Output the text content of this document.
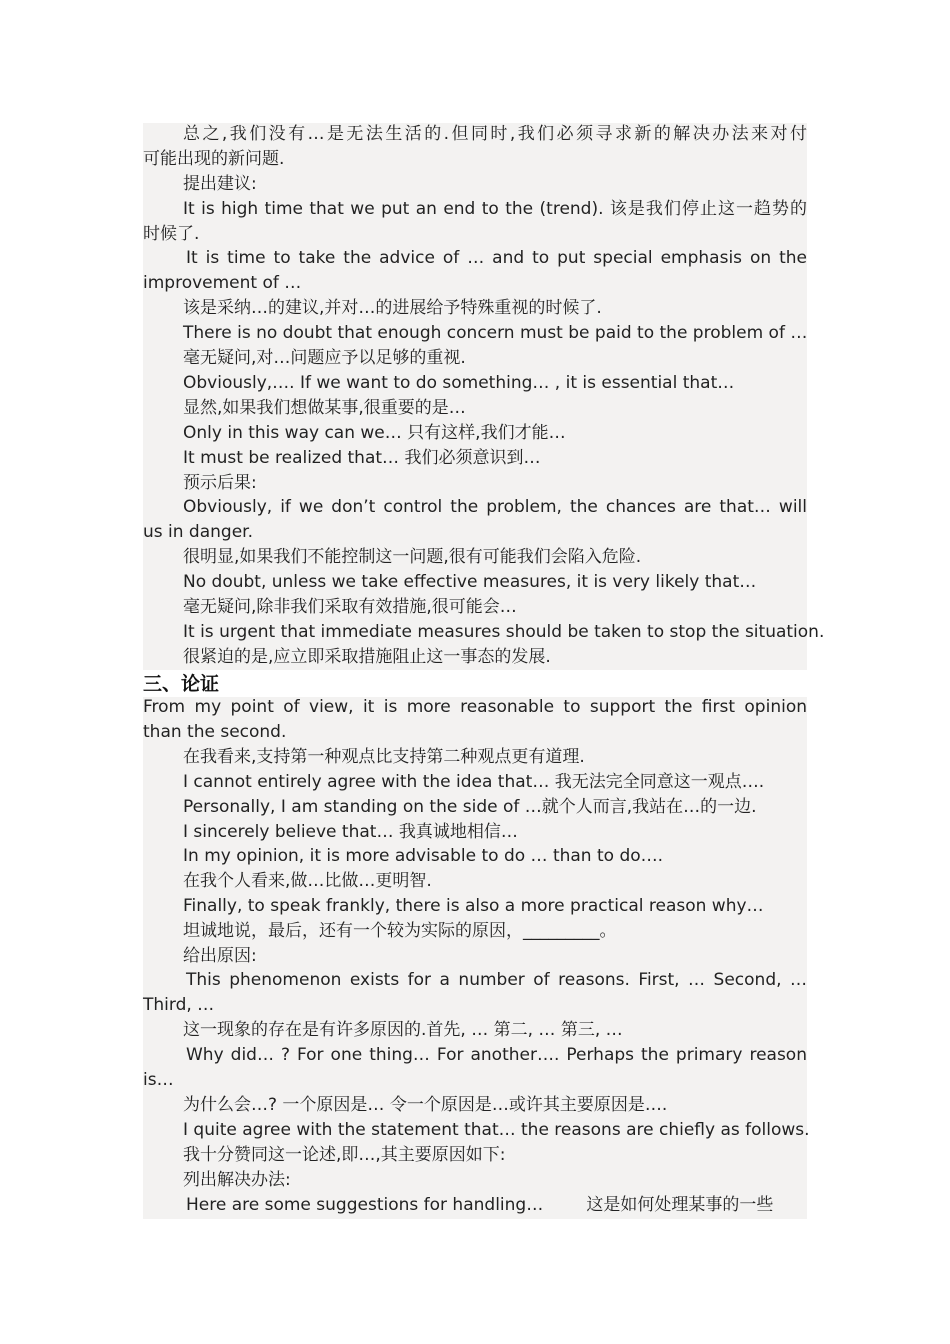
总之,我们没有…是无法生活的.但同时,我们必须寻求新的解决办法来对付
可能出现的新问题.
提出建议:
It is high time that we put an end to the (trend). 该是我们停止这一趋势的
时候了.
It is time to take the advice of … and to put special emphasis on the
improvement of …
该是采纳…的建议,并对…的进展给予特殊重视的时候了.
There is no doubt that enough concern must be paid to the problem of …
毫无疑问,对…问题应予以足够的重视.
Obviously,…. If we want to do something… , it is essential that…
显然,如果我们想做某事,很重要的是…
Only in this way can we… 只有这样,我们才能…
It must be realized that… 我们必须意识到…
预示后果:
Obviously, if we don’t control the problem, the chances are that… will
us in danger.
很明显,如果我们不能控制这一问题,很有可能我们会陷入危险.
No doubt, unless we take effective measures, it is very likely that…
毫无疑问,除非我们采取有效措施,很可能会…
It is urgent that immediate measures should be taken to stop the situation.
很紧迫的是,应立即采取措施阻止这一事态的发展.
三、论证
From my point of view, it is more reasonable to support the first opinion
than the second.
在我看来,支持第一种观点比支持第二种观点更有道理.
I cannot entirely agree with the idea that… 我无法完全同意这一观点….
Personally, I am standing on the side of …就个人而言,我站在…的一边.
I sincerely believe that… 我真诚地相信…
In my opinion, it is more advisable to do … than to do….
在我个人看来,做…比做…更明智.
Finally, to speak frankly, there is also a more practical reason why…
坦诚地说，最后，还有一个较为实际的原因，_________。
给出原因:
This phenomenon exists for a number of reasons. First, … Second, …
Third, …
这一现象的存在是有许多原因的.首先, … 第二, … 第三, …
Why did… ? For one thing… For another…. Perhaps the primary reason
is…
为什么会…? 一个原因是… 令一个原因是…或许其主要原因是….
I quite agree with the statement that… the reasons are chiefly as follows.
我十分赞同这一论述,即…,其主要原因如下:
列出解决办法:
Here are some suggestions for handling…        这是如何处理某事的一些
